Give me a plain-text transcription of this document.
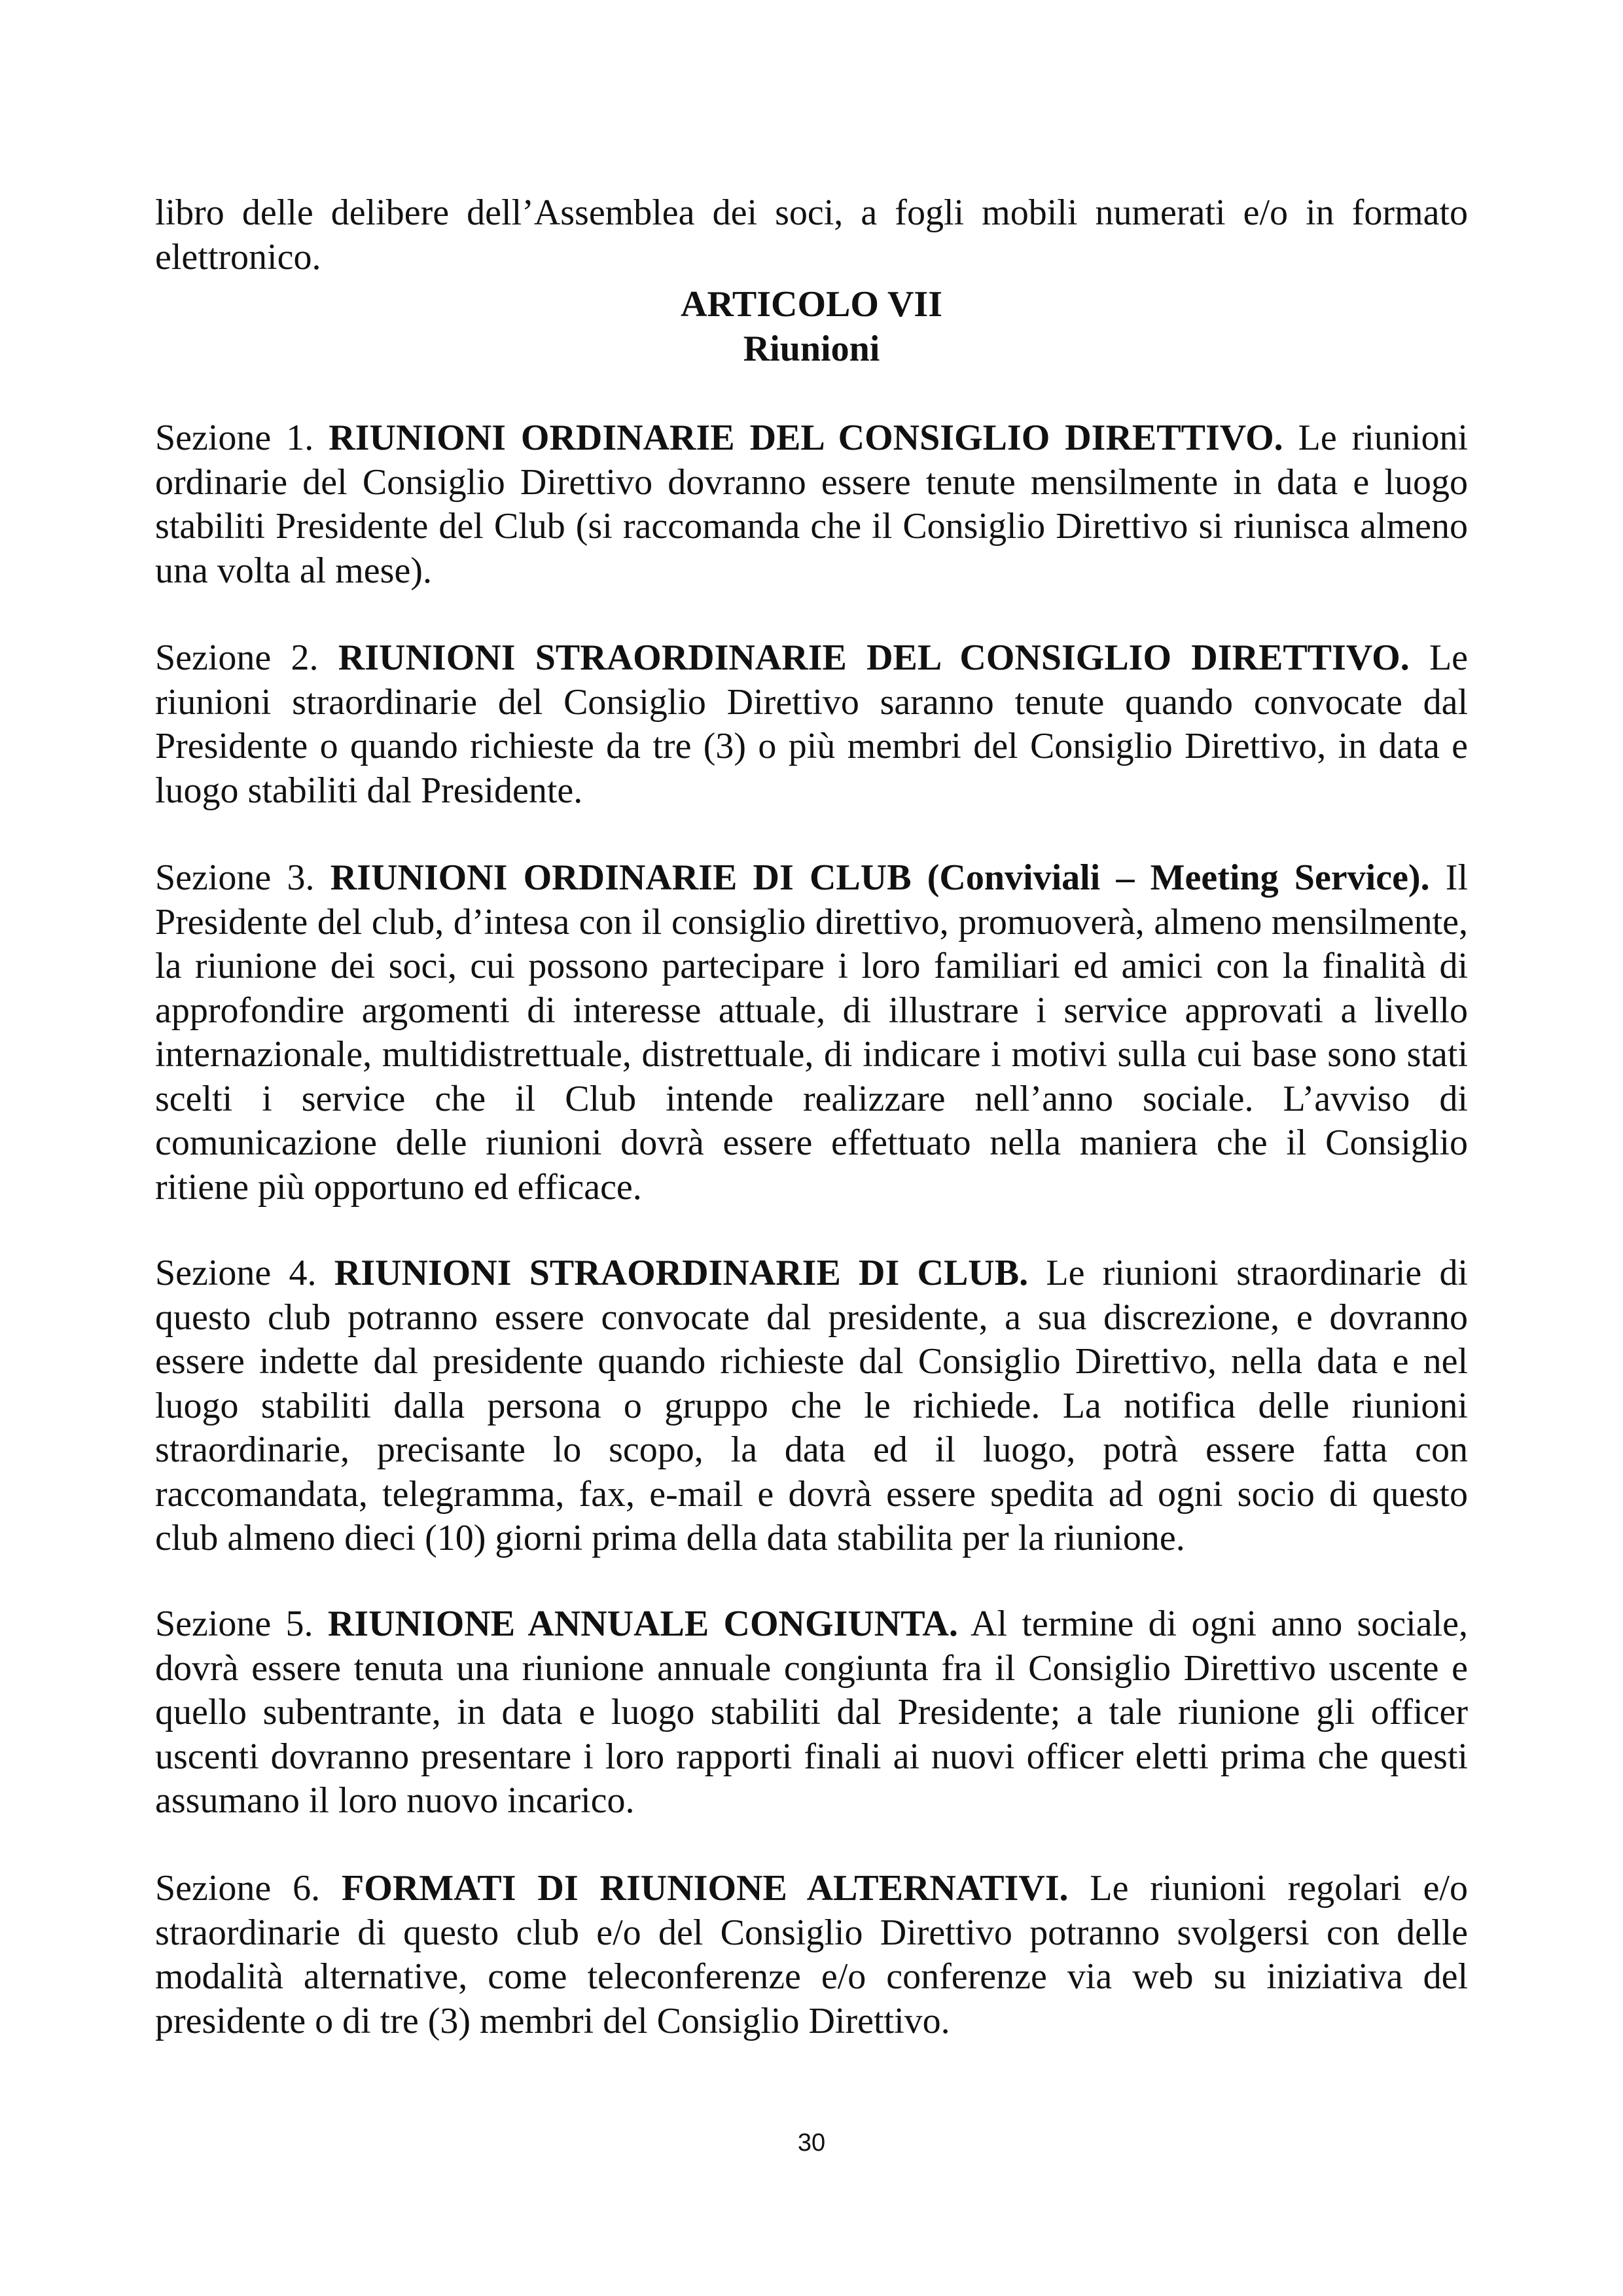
libro delle delibere dell’Assemblea dei soci, a fogli mobili numerati e/o in formato elettronico.

ARTICOLO VII
Riunioni

Sezione 1. RIUNIONI ORDINARIE DEL CONSIGLIO DIRETTIVO. Le riunioni ordinarie del Consiglio Direttivo dovranno essere tenute mensilmente in data e luogo stabiliti Presidente del Club (si raccomanda che il Consiglio Direttivo si riunisca almeno una volta al mese).

Sezione 2. RIUNIONI STRAORDINARIE DEL CONSIGLIO DIRETTIVO. Le riunioni straordinarie del Consiglio Direttivo saranno tenute quando convocate dal Presidente o quando richieste da tre (3) o più membri del Consiglio Direttivo, in data e luogo stabiliti dal Presidente.

Sezione 3. RIUNIONI ORDINARIE DI CLUB (Conviviali – Meeting Service). Il Presidente del club, d’intesa con il consiglio direttivo, promuoverà, almeno mensilmente, la riunione dei soci, cui possono partecipare i loro familiari ed amici con la finalità di approfondire argomenti di interesse attuale, di illustrare i service approvati a livello internazionale, multidistrettuale, distrettuale, di indicare i motivi sulla cui base sono stati scelti i service che il Club intende realizzare nell’anno sociale. L’avviso di comunicazione delle riunioni dovrà essere effettuato nella maniera che il Consiglio ritiene più opportuno ed efficace.

Sezione 4. RIUNIONI STRAORDINARIE DI CLUB. Le riunioni straordinarie di questo club potranno essere convocate dal presidente, a sua discrezione, e dovranno essere indette dal presidente quando richieste dal Consiglio Direttivo, nella data e nel luogo stabiliti dalla persona o gruppo che le richiede. La notifica delle riunioni straordinarie, precisante lo scopo, la data ed il luogo, potrà essere fatta con raccomandata, telegramma, fax, e-mail e dovrà essere spedita ad ogni socio di questo club almeno dieci (10) giorni prima della data stabilita per la riunione.

Sezione 5. RIUNIONE ANNUALE CONGIUNTA. Al termine di ogni anno sociale, dovrà essere tenuta una riunione annuale congiunta fra il Consiglio Direttivo uscente e quello subentrante, in data e luogo stabiliti dal Presidente; a tale riunione gli officer uscenti dovranno presentare i loro rapporti finali ai nuovi officer eletti prima che questi assumano il loro nuovo incarico.

Sezione 6. FORMATI DI RIUNIONE ALTERNATIVI. Le riunioni regolari e/o straordinarie di questo club e/o del Consiglio Direttivo potranno svolgersi con delle modalità alternative, come teleconferenze e/o conferenze via web su iniziativa del presidente o di tre (3) membri del Consiglio Direttivo.

30
